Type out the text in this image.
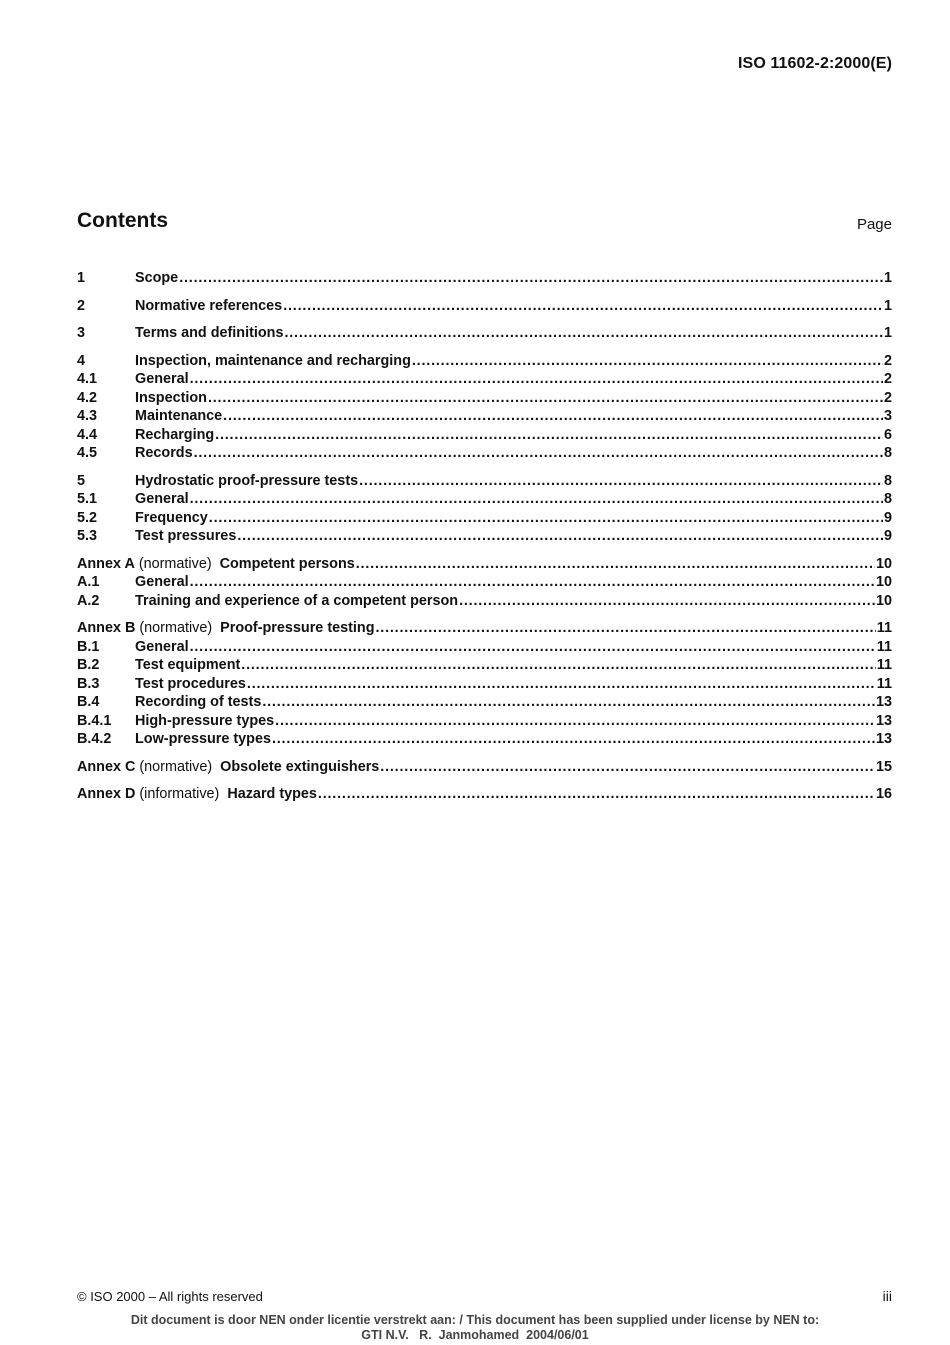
ISO 11602-2:2000(E)
Contents	Page
1	Scope . . .	1
2	Normative references . . .	1
3	Terms and definitions . . .	1
4	Inspection, maintenance and recharging . . .	2
4.1	General . . .	2
4.2	Inspection . . .	2
4.3	Maintenance . . .	3
4.4	Recharging . . .	6
4.5	Records . . .	8
5	Hydrostatic proof-pressure tests . . .	8
5.1	General . . .	8
5.2	Frequency . . .	9
5.3	Test pressures . . .	9
Annex A (normative) Competent persons . . .	10
A.1	General . . .	10
A.2	Training and experience of a competent person . . .	10
Annex B (normative) Proof-pressure testing . . .	11
B.1	General . . .	11
B.2	Test equipment . . .	11
B.3	Test procedures . . .	11
B.4	Recording of tests . . .	13
B.4.1	High-pressure types . . .	13
B.4.2	Low-pressure types . . .	13
Annex C (normative) Obsolete extinguishers . . .	15
Annex D (informative) Hazard types . . .	16
© ISO 2000 – All rights reserved	iii
Dit document is door NEN onder licentie verstrekt aan: / This document has been supplied under license by NEN to:
GTI N.V.   R.  Janmohamed  2004/06/01
